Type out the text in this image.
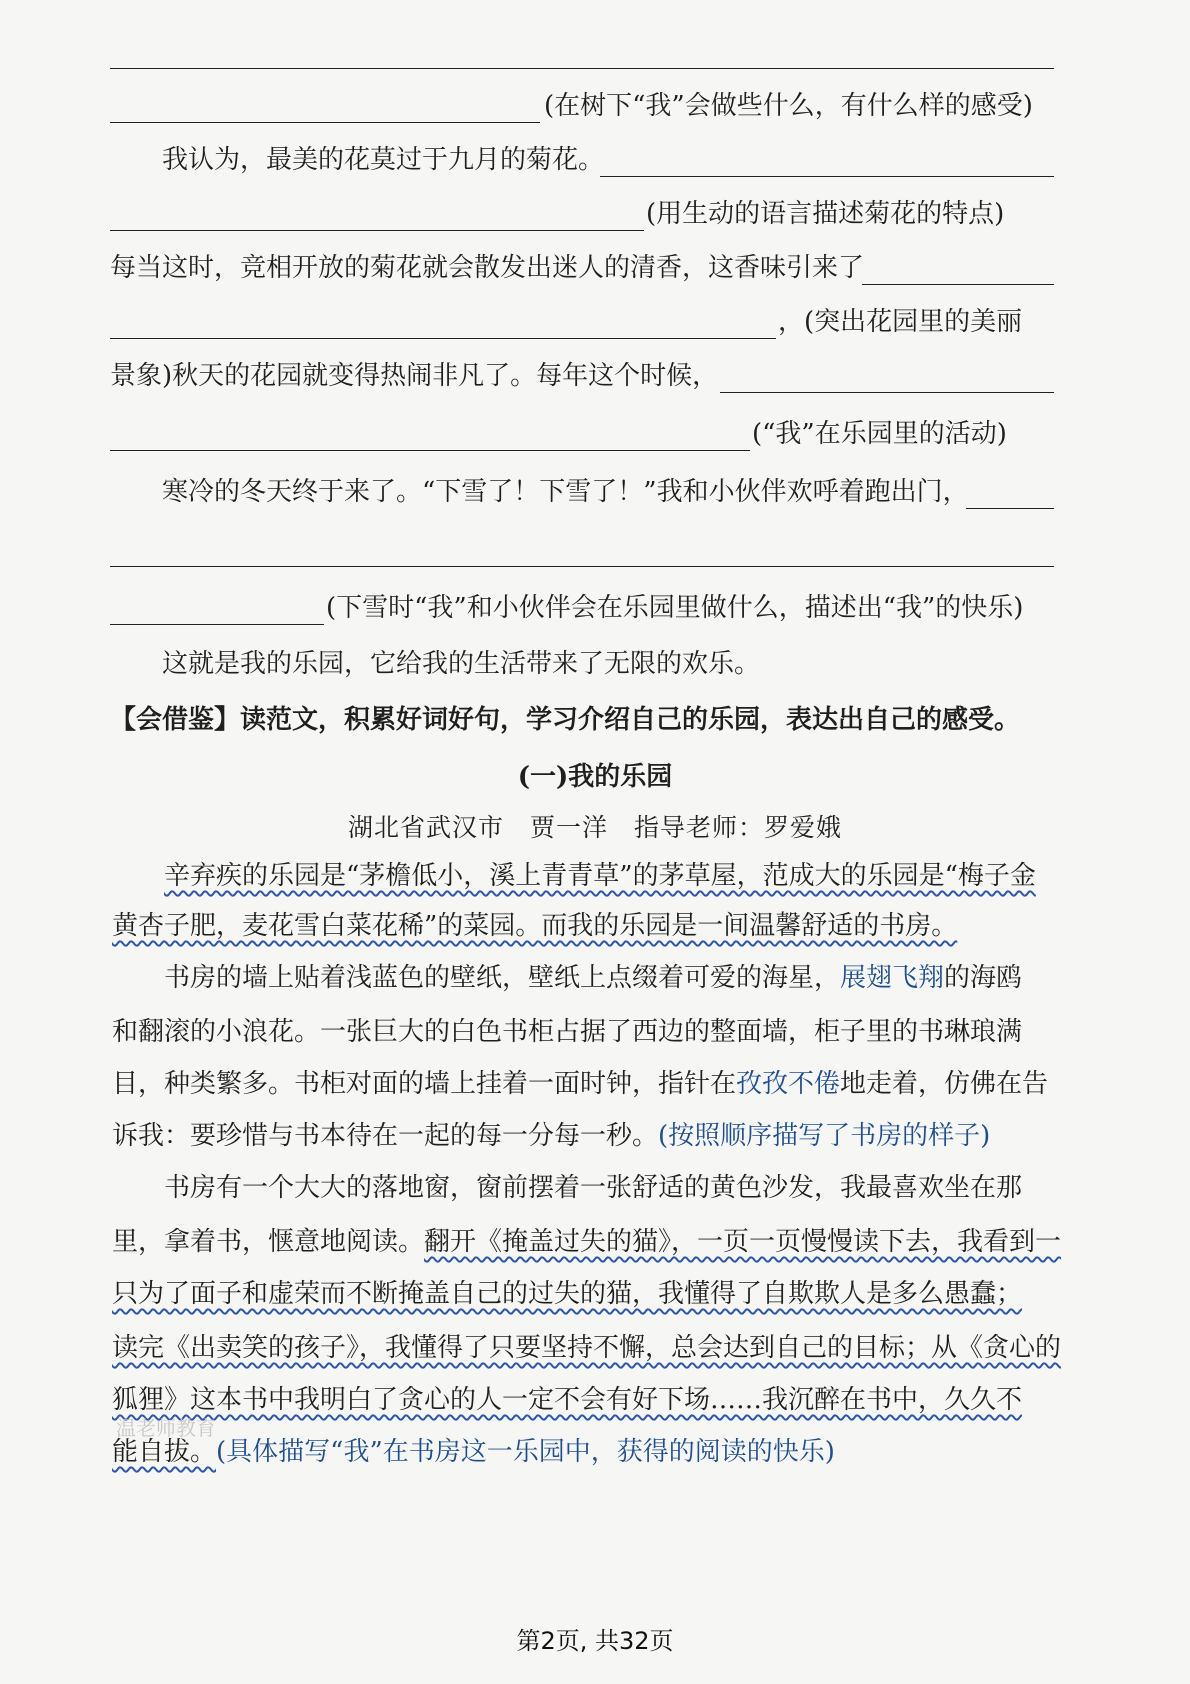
(在树下“我”会做些什么，有什么样的感受)
我认为，最美的花莫过于九月的菊花。
(用生动的语言描述菊花的特点)
每当这时，竞相开放的菊花就会散发出迷人的清香，这香味引来了
，(突出花园里的美丽
景象)秋天的花园就变得热闹非凡了。每年这个时候，
(“我”在乐园里的活动)
寒冷的冬天终于来了。“下雪了！下雪了！”我和小伙伴欢呼着跑出门，
(下雪时“我”和小伙伴会在乐园里做什么，描述出“我”的快乐)
这就是我的乐园，它给我的生活带来了无限的欢乐。
【会借鉴】读范文，积累好词好句，学习介绍自己的乐园，表达出自己的感受。
(一)我的乐园
湖北省武汉市　贾一洋　指导老师：罗爱娥
辛弃疾的乐园是“茅檐低小，溪上青青草”的茅草屋，范成大的乐园是“梅子金
黄杏子肥，麦花雪白菜花稀”的菜园。而我的乐园是一间温馨舒适的书房。
书房的墙上贴着浅蓝色的壁纸，壁纸上点缀着可爱的海星，展翅飞翔的海鸥
和翻滚的小浪花。一张巨大的白色书柜占据了西边的整面墙，柜子里的书琳琅满
目，种类繁多。书柜对面的墙上挂着一面时钟，指针在孜孜不倦地走着，仿佛在告
诉我：要珍惜与书本待在一起的每一分每一秒。(按照顺序描写了书房的样子)
书房有一个大大的落地窗，窗前摆着一张舒适的黄色沙发，我最喜欢坐在那
里，拿着书，惬意地阅读。翻开《掩盖过失的猫》，一页一页慢慢读下去，我看到一
只为了面子和虚荣而不断掩盖自己的过失的猫，我懂得了自欺欺人是多么愚蠢；
读完《出卖笑的孩子》，我懂得了只要坚持不懈，总会达到自己的目标；从《贪心的
狐狸》这本书中我明白了贪心的人一定不会有好下场……我沉醉在书中，久久不
能自拔。(具体描写“我”在书房这一乐园中，获得的阅读的快乐)
温老师教育
第2页, 共32页
